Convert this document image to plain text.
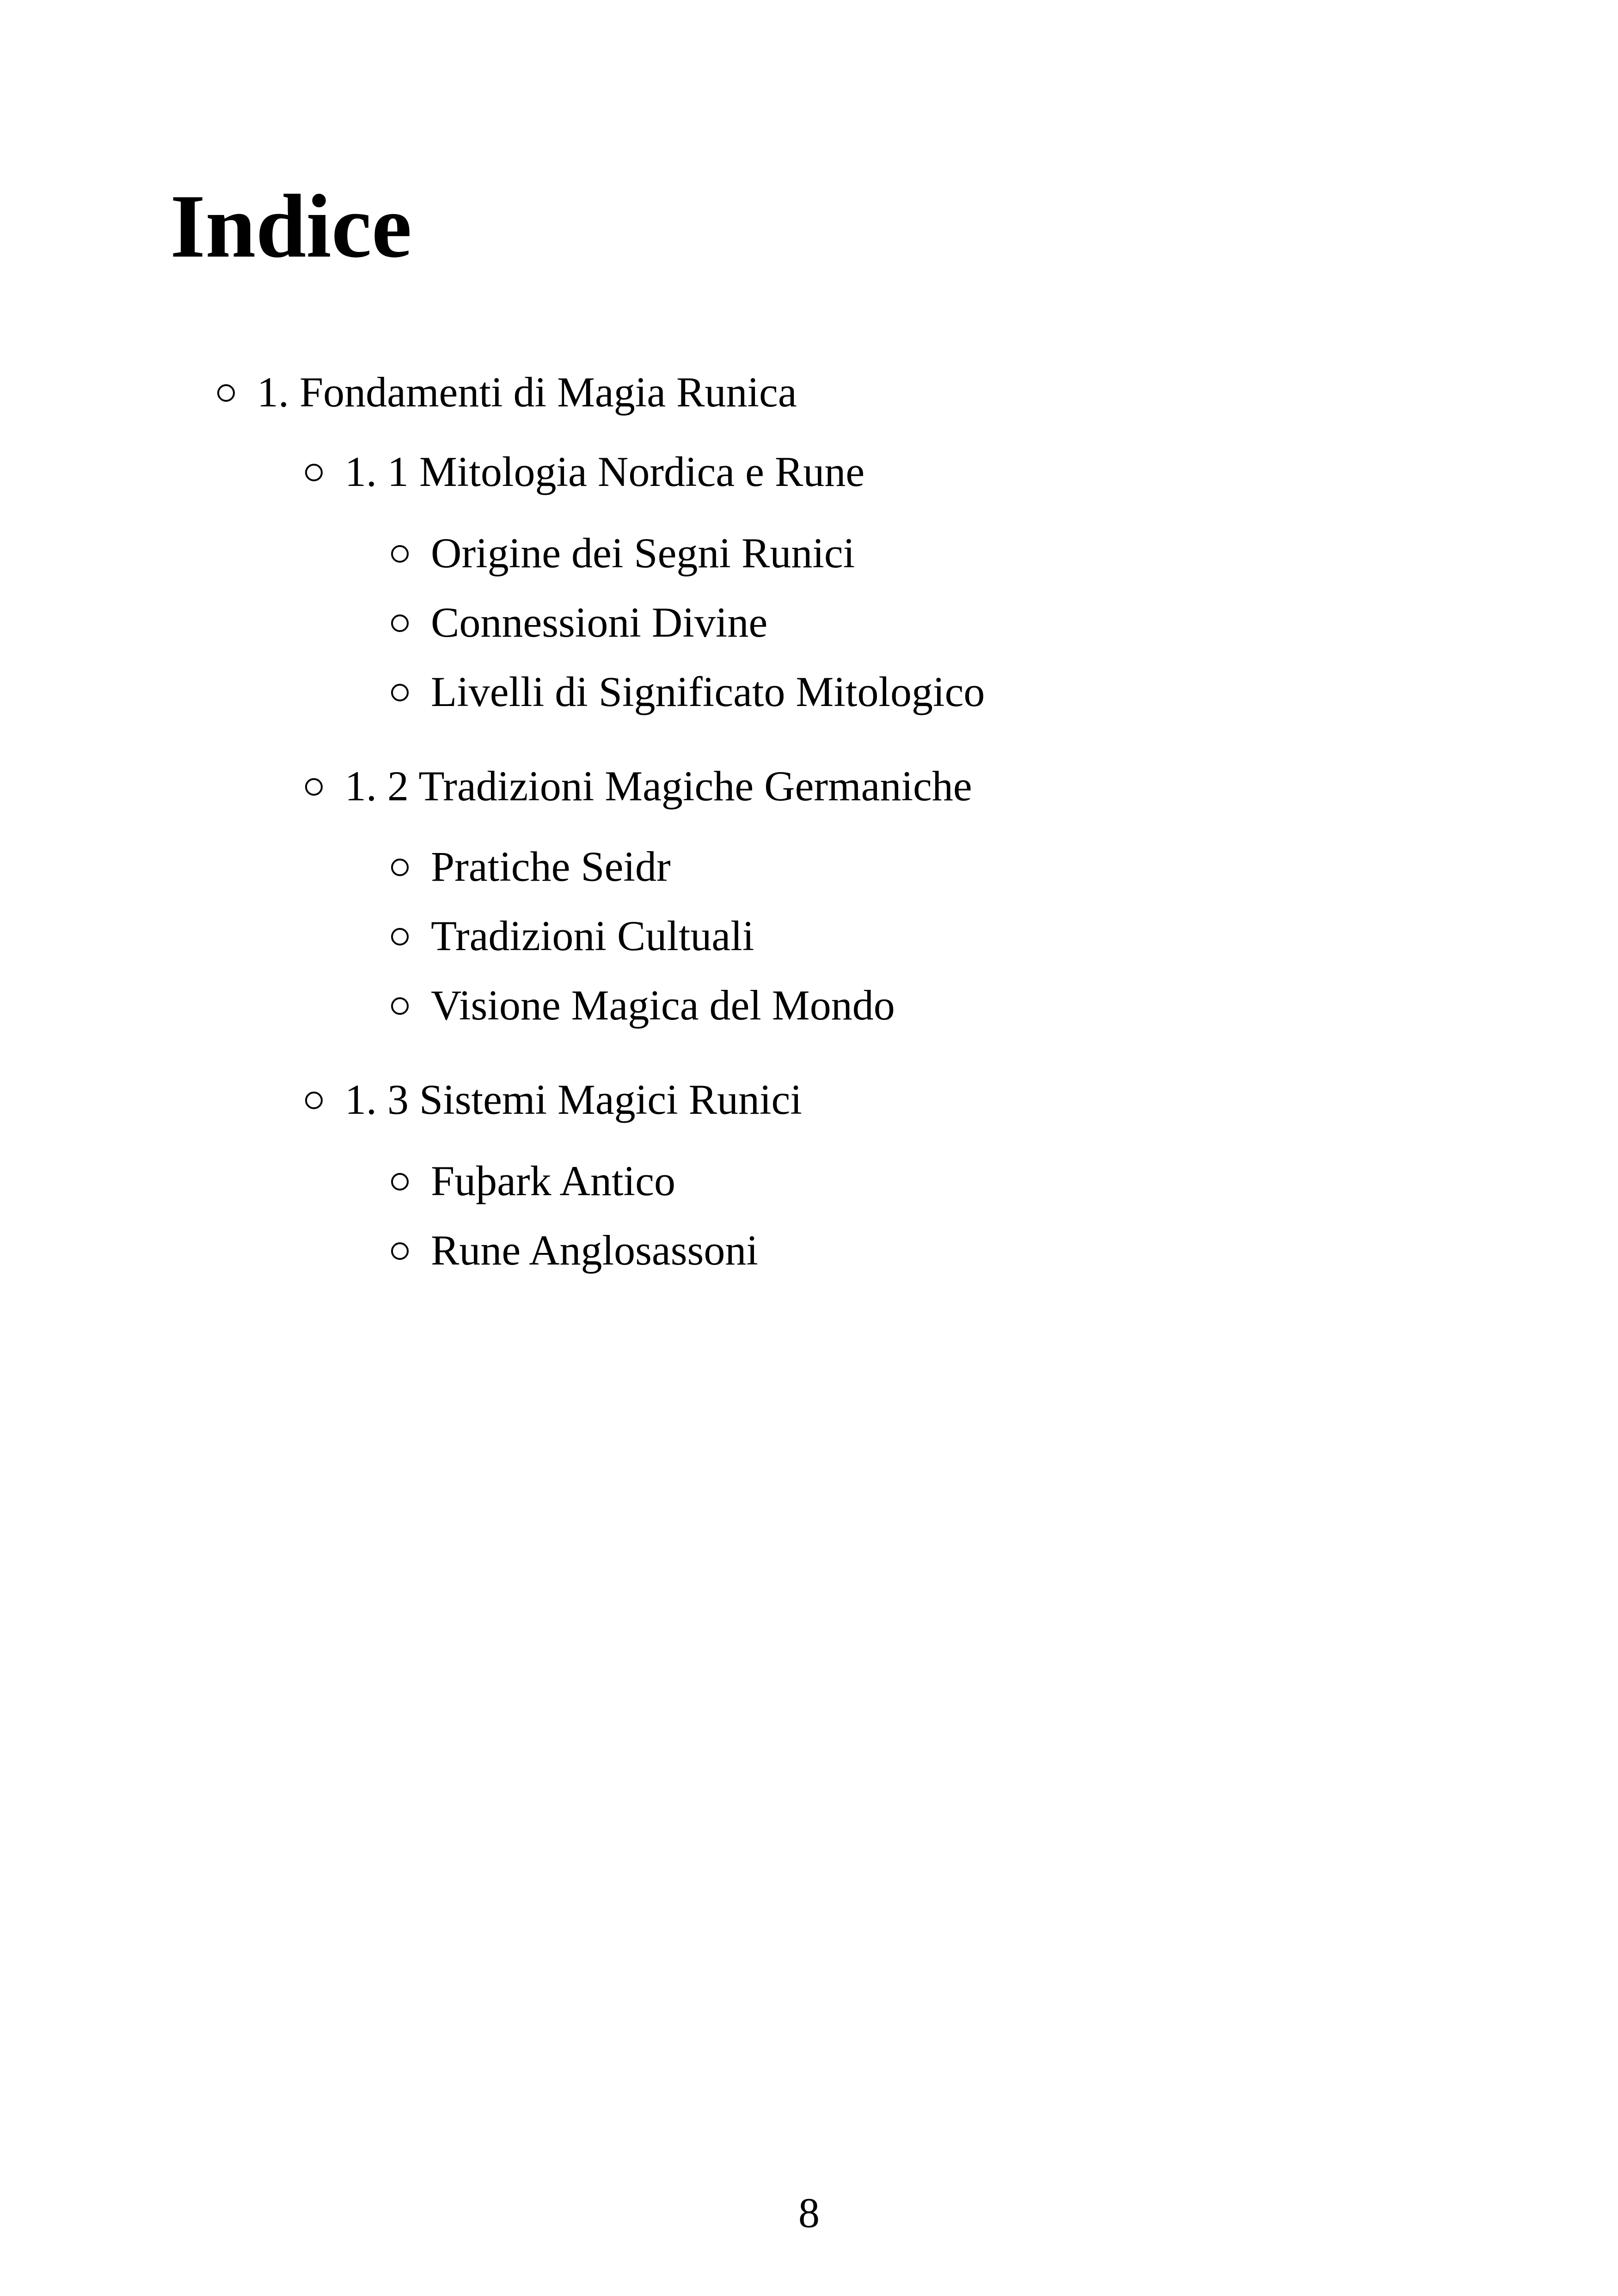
Indice
1. Fondamenti di Magia Runica
1. 1 Mitologia Nordica e Rune
Origine dei Segni Runici
Connessioni Divine
Livelli di Significato Mitologico
1. 2 Tradizioni Magiche Germaniche
Pratiche Seidr
Tradizioni Cultuali
Visione Magica del Mondo
1. 3 Sistemi Magici Runici
Fuþark Antico
Rune Anglosassoni
8
